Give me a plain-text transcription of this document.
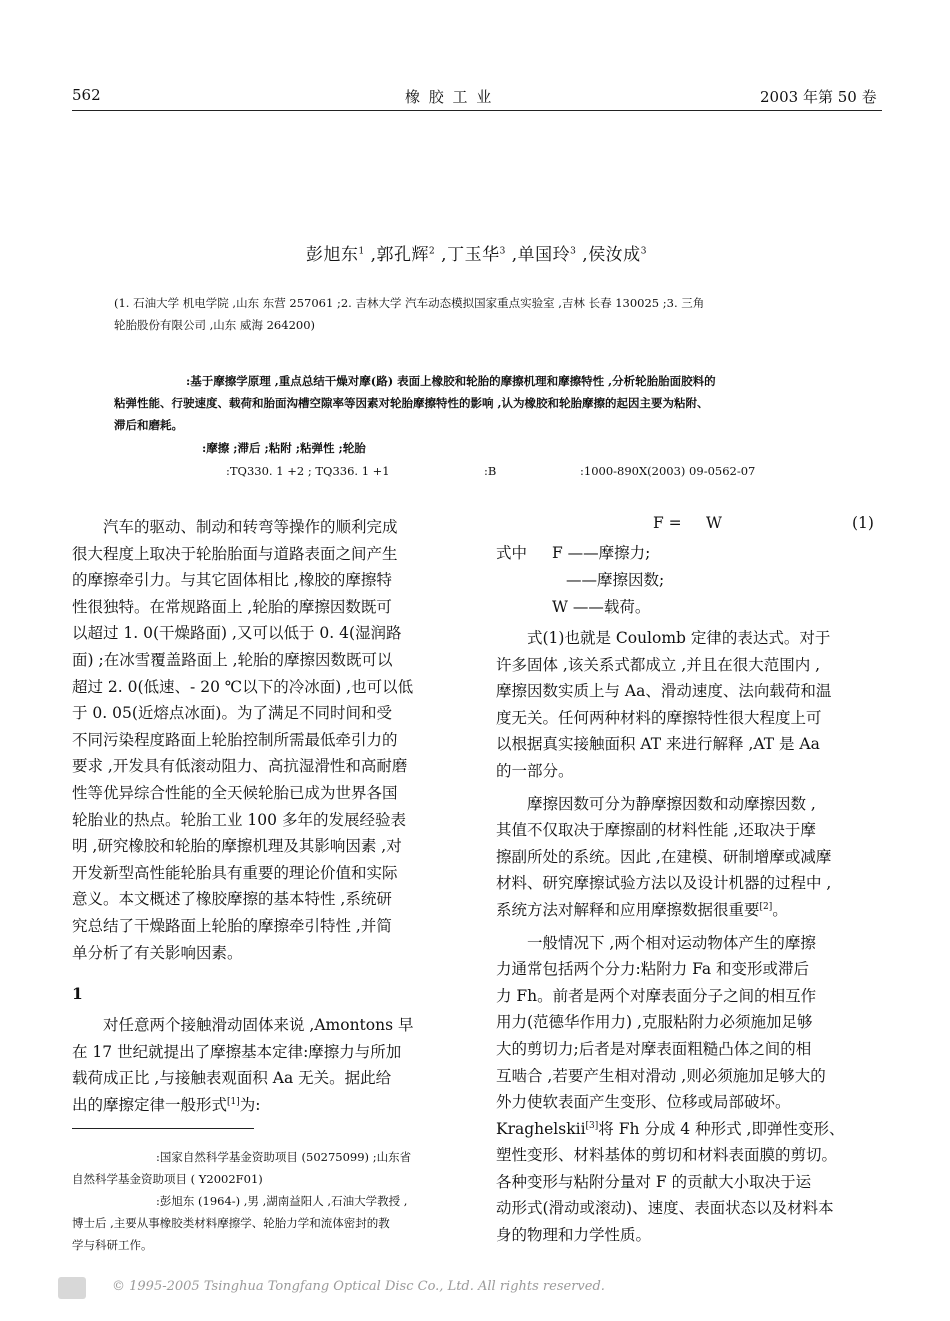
562	橡 胶 工 业	2003 年第 50 卷
彭旭东$^1$ ,郭孔辉$^2$ ,丁玉华$^3$ ,单国玲$^3$ ,侯汝成$^3$
(1. 石油大学 机电学院 ,山东 东营 257061 ;2. 吉林大学 汽车动态模拟国家重点实验室 ,吉林 长春 130025 ;3. 三角
轮胎股份有限公司 ,山东 威海 264200)
:基于摩擦学原理 ,重点总结干燥对摩(路) 表面上橡胶和轮胎的摩擦机理和摩擦特性 ,分析轮胎胎面胶料的
粘弹性能、行驶速度、载荷和胎面沟槽空隙率等因素对轮胎摩擦特性的影响 ,认为橡胶和轮胎摩擦的起因主要为粘附、
滞后和磨耗。
:摩擦 ;滞后 ;粘附 ;粘弹性 ;轮胎
:TQ330. 1 +2 ; TQ336. 1 +1	:B	:1000-890X(2003) 09-0562-07
汽车的驱动、制动和转弯等操作的顺利完成
很大程度上取决于轮胎胎面与道路表面之间产生
的摩擦牵引力。与其它固体相比 ,橡胶的摩擦特
性很独特。在常规路面上 ,轮胎的摩擦因数既可
以超过 1. 0(干燥路面) ,又可以低于 0. 4(湿润路
面) ;在冰雪覆盖路面上 ,轮胎的摩擦因数既可以
超过 2. 0(低速、- 20 ℃以下的冷冰面) ,也可以低
于 0. 05(近熔点冰面)。为了满足不同时间和受
不同污染程度路面上轮胎控制所需最低牵引力的
要求 ,开发具有低滚动阻力、高抗湿滑性和高耐磨
性等优异综合性能的全天候轮胎已成为世界各国
轮胎业的热点。轮胎工业 100 多年的发展经验表
明 ,研究橡胶和轮胎的摩擦机理及其影响因素 ,对
开发新型高性能轮胎具有重要的理论价值和实际
意义。本文概述了橡胶摩擦的基本特性 ,系统研
究总结了干燥路面上轮胎的摩擦牵引特性 ,并简
单分析了有关影响因素。
1
对任意两个接触滑动固体来说 ,Amontons 早
在 17 世纪就提出了摩擦基本定律:摩擦力与所加
载荷成正比 ,与接触表观面积 Aa 无关。据此给
出的摩擦定律一般形式[1]为:
:国家自然科学基金资助项目 (50275099) ;山东省
自然科学基金资助项目 ( Y2002F01)
:彭旭东 (1964-) ,男 ,湖南益阳人 ,石油大学教授 ,
博士后 ,主要从事橡胶类材料摩擦学、轮胎力学和流体密封的教
学与科研工作。
F = W	(1)
式中 F ——摩擦力;
——摩擦因数;
W ——载荷。
式(1)也就是 Coulomb 定律的表达式。对于
许多固体 ,该关系式都成立 ,并且在很大范围内 ,
摩擦因数实质上与 Aa、滑动速度、法向载荷和温
度无关。任何两种材料的摩擦特性很大程度上可
以根据真实接触面积 AT 来进行解释 ,AT 是 Aa
的一部分。
摩擦因数可分为静摩擦因数和动摩擦因数 ,
其值不仅取决于摩擦副的材料性能 ,还取决于摩
擦副所处的系统。因此 ,在建模、研制增摩或减摩
材料、研究摩擦试验方法以及设计机器的过程中 ,
系统方法对解释和应用摩擦数据很重要[2]。
一般情况下 ,两个相对运动物体产生的摩擦
力通常包括两个分力:粘附力 Fa 和变形或滞后
力 Fh。前者是两个对摩表面分子之间的相互作
用力(范德华作用力) ,克服粘附力必须施加足够
大的剪切力;后者是对摩表面粗糙凸体之间的相
互啮合 ,若要产生相对滑动 ,则必须施加足够大的
外力使软表面产生变形、位移或局部破坏。
Kraghelskii[3]将 Fh 分成 4 种形式 ,即弹性变形、
塑性变形、材料基体的剪切和材料表面膜的剪切。
各种变形与粘附分量对 F 的贡献大小取决于运
动形式(滑动或滚动)、速度、表面状态以及材料本
身的物理和力学性质。
© 1995-2005 Tsinghua Tongfang Optical Disc Co., Ltd. All rights reserved.
